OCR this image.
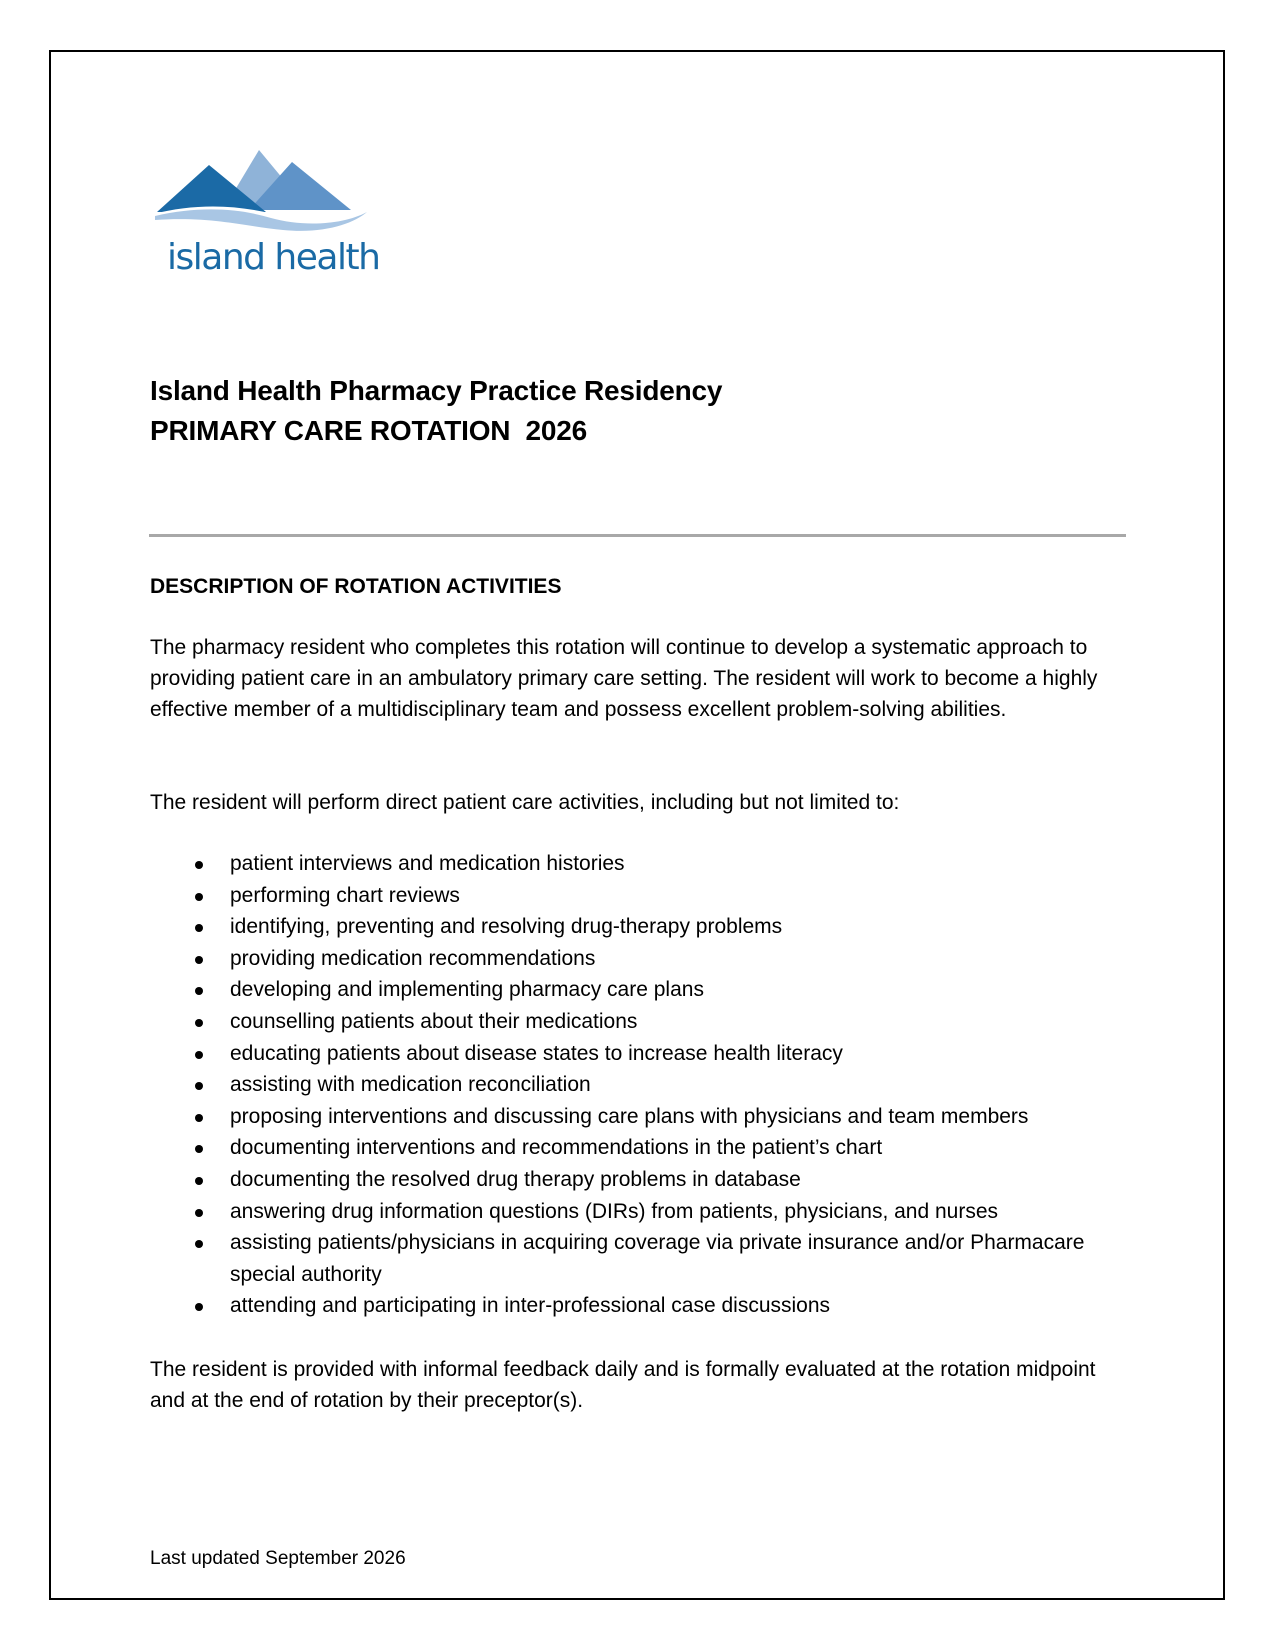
island health
Island Health Pharmacy Practice Residency
PRIMARY CARE ROTATION  2026
DESCRIPTION OF ROTATION ACTIVITIES
The pharmacy resident who completes this rotation will continue to develop a systematic approach to providing patient care in an ambulatory primary care setting. The resident will work to become a highly effective member of a multidisciplinary team and possess excellent problem-solving abilities.
The resident will perform direct patient care activities, including but not limited to:
patient interviews and medication histories
performing chart reviews
identifying, preventing and resolving drug-therapy problems
providing medication recommendations
developing and implementing pharmacy care plans
counselling patients about their medications
educating patients about disease states to increase health literacy
assisting with medication reconciliation
proposing interventions and discussing care plans with physicians and team members
documenting interventions and recommendations in the patient’s chart
documenting the resolved drug therapy problems in database
answering drug information questions (DIRs) from patients, physicians, and nurses
assisting patients/physicians in acquiring coverage via private insurance and/or Pharmacare special authority
attending and participating in inter-professional case discussions
The resident is provided with informal feedback daily and is formally evaluated at the rotation midpoint and at the end of rotation by their preceptor(s).
Last updated September 2026
